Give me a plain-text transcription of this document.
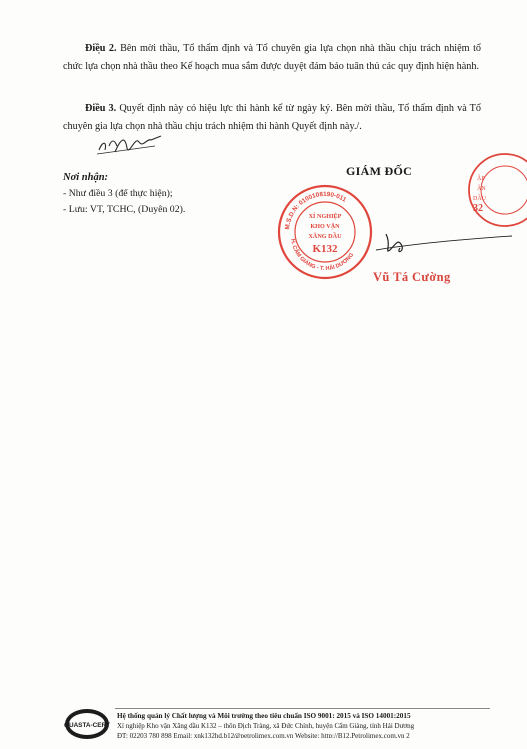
Điều 2. Bên mời thầu, Tổ thẩm định và Tổ chuyên gia lựa chọn nhà thầu chịu trách nhiệm tổ chức lựa chọn nhà thầu theo Kế hoạch mua sắm được duyệt đảm bảo tuân thủ các quy định hiện hành.
Điều 3. Quyết định này có hiệu lực thi hành kể từ ngày ký. Bên mời thầu, Tổ thẩm định và Tổ chuyên gia lựa chọn nhà thầu chịu trách nhiệm thi hành Quyết định này./.
Nơi nhận:
- Như điều 3 (để thực hiện);
- Lưu: VT, TCHC, (Duyên 02).
GIÁM ĐỐC
M.S.D.N: 0100108190-011
H. CẨM GIÀNG - T. HẢI DƯƠNG
XÍ NGHIỆP
KHO VẬN
XĂNG DẦU
K132
ẬP
ẬN
DẦU
32
Vũ Tá Cường
QUASTA-CERT
Hệ thống quản lý Chất lượng và Môi trường theo tiêu chuẩn ISO 9001: 2015 và ISO 14001:2015
Xí nghiệp Kho vận Xăng dầu K132 – thôn Địch Tràng, xã Đức Chính, huyện Cẩm Giàng, tỉnh Hải Dương
ĐT: 02203 780 898 Email: xnk132hd.b12@petrolimex.com.vn Website: http://B12.Petrolimex.com.vn 2
